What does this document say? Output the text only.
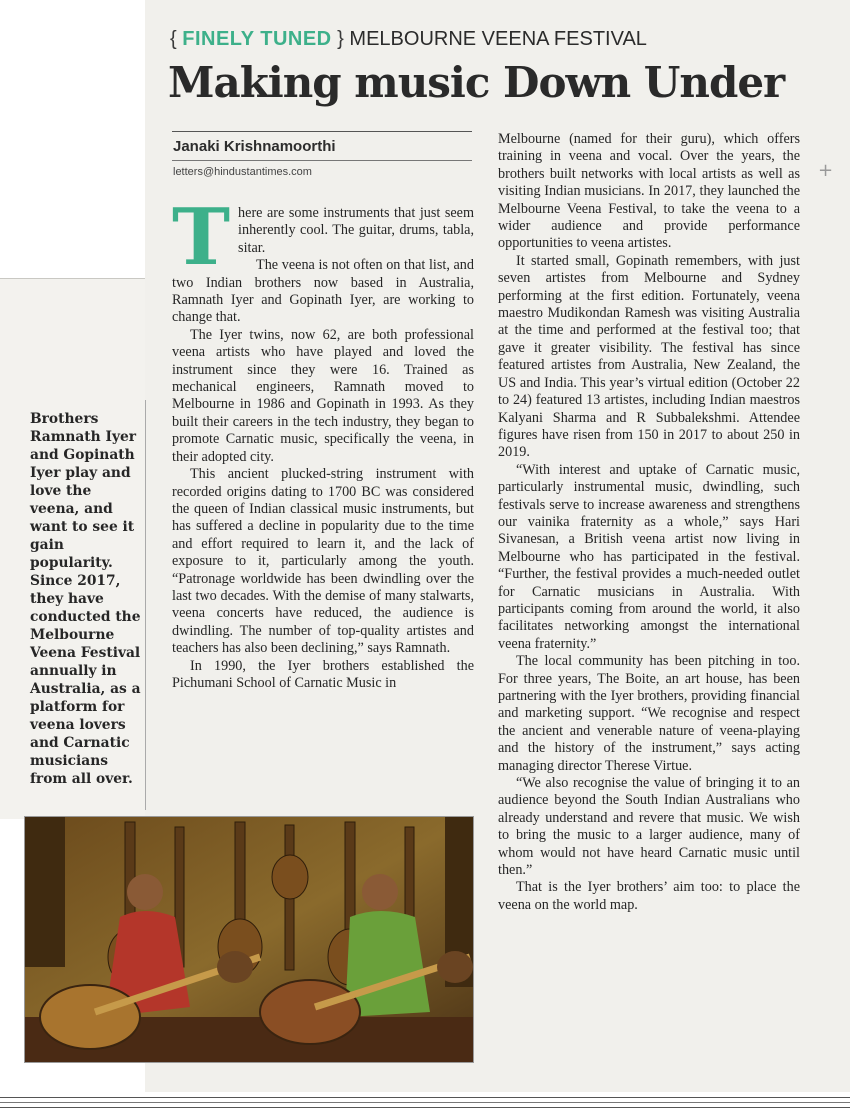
{ FINELY TUNED } MELBOURNE VEENA FESTIVAL
Making music Down Under
Janaki Krishnamoorthi
letters@hindustantimes.com
T here are some instruments that just seem inherently cool. The guitar, drums, tabla, sitar.

The veena is not often on that list, and two Indian brothers now based in Australia, Ramnath Iyer and Gopinath Iyer, are working to change that.

The Iyer twins, now 62, are both professional veena artists who have played and loved the instrument since they were 16. Trained as mechanical engineers, Ramnath moved to Melbourne in 1986 and Gopinath in 1993. As they built their careers in the tech industry, they began to promote Carnatic music, specifically the veena, in their adopted city.

This ancient plucked-string instrument with recorded origins dating to 1700 BC was considered the queen of Indian classical music instruments, but has suffered a decline in popularity due to the time and effort required to learn it, and the lack of exposure to it, particularly among the youth. “Patronage worldwide has been dwindling over the last two decades. With the demise of many stalwarts, veena concerts have reduced, the audience is dwindling. The number of top-quality artistes and teachers has also been declining,” says Ramnath.

In 1990, the Iyer brothers established the Pichumani School of Carnatic Music in

Melbourne (named for their guru), which offers training in veena and vocal. Over the years, the brothers built networks with local artists as well as visiting Indian musicians. In 2017, they launched the Melbourne Veena Festival, to take the veena to a wider audience and provide performance opportunities to veena artistes.

It started small, Gopinath remembers, with just seven artistes from Melbourne and Sydney performing at the first edition. Fortunately, veena maestro Mudikondan Ramesh was visiting Australia at the time and performed at the festival too; that gave it greater visibility. The festival has since featured artistes from Australia, New Zealand, the US and India. This year’s virtual edition (October 22 to 24) featured 13 artistes, including Indian maestros Kalyani Sharma and R Subbalekshmi. Attendee figures have risen from 150 in 2017 to about 250 in 2019.

“With interest and uptake of Carnatic music, particularly instrumental music, dwindling, such festivals serve to increase awareness and strengthens our vainika fraternity as a whole,” says Hari Sivanesan, a British veena artist now living in Melbourne who has participated in the festival. “Further, the festival provides a much-needed outlet for Carnatic musicians in Australia. With participants coming from around the world, it also facilitates networking amongst the international veena fraternity.”

The local community has been pitching in too. For three years, The Boite, an art house, has been partnering with the Iyer brothers, providing financial and marketing support. “We recognise and respect the ancient and venerable nature of veena-playing and the history of the instrument,” says acting managing director Therese Virtue.

“We also recognise the value of bringing it to an audience beyond the South Indian Australians who already understand and revere that music. We wish to bring the music to a larger audience, many of whom would not have heard Carnatic music until then.”

That is the Iyer brothers’ aim too: to place the veena on the world map.

Brothers Ramnath Iyer and Gopinath Iyer play and love the veena, and want to see it gain popularity. Since 2017, they have conducted the Melbourne Veena Festival annually in Australia, as a platform for veena lovers and Carnatic musicians from all over.
+
